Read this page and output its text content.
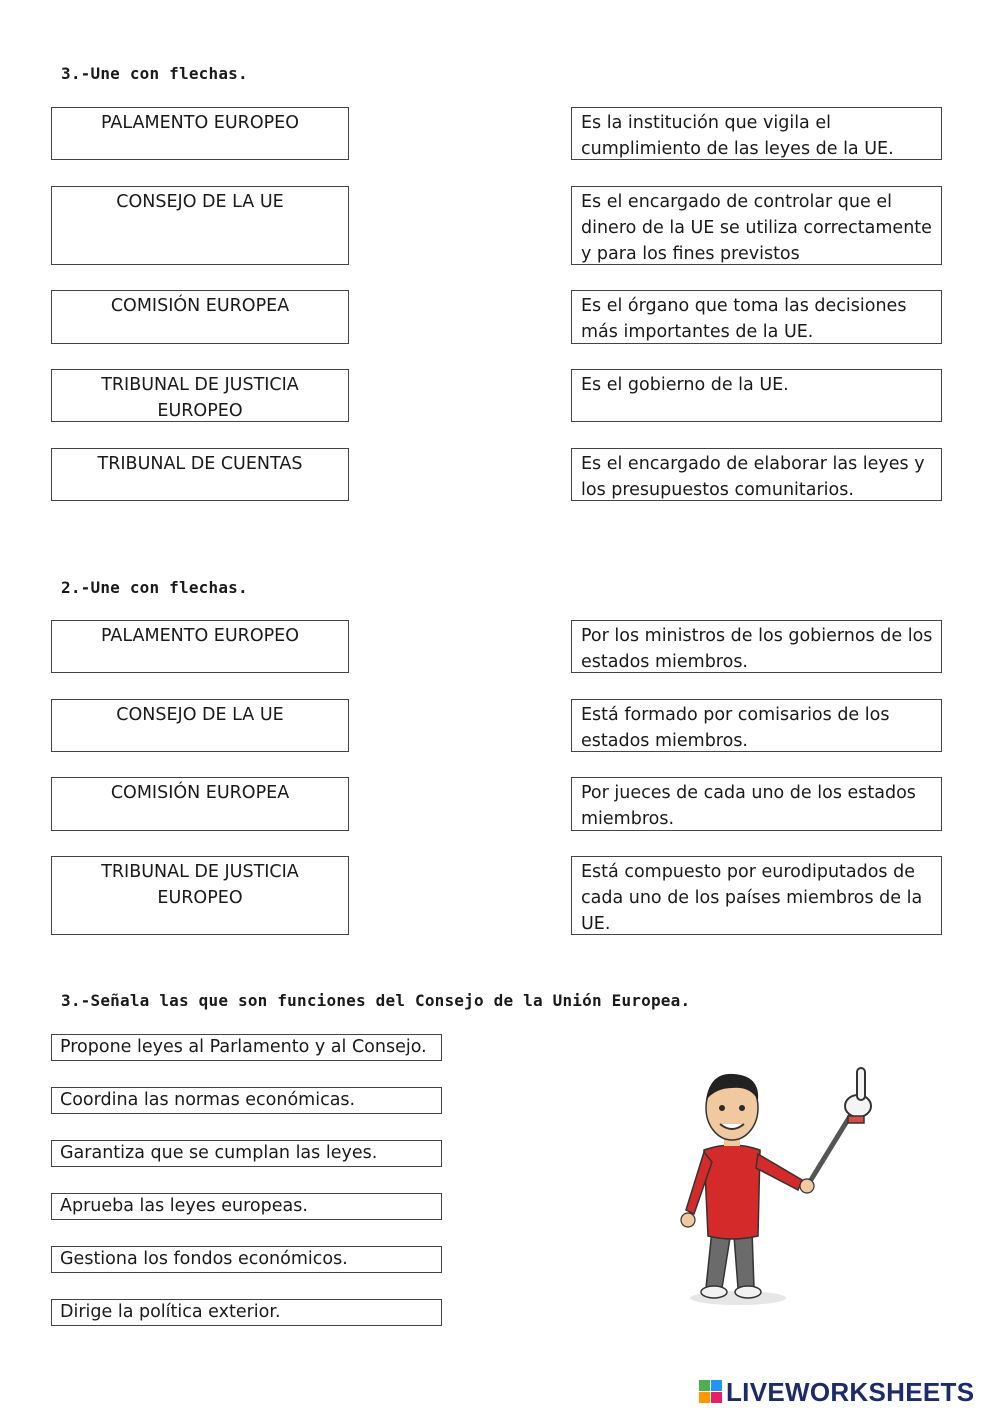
3.-Une con flechas.
PALAMENTO EUROPEO
CONSEJO DE LA UE
COMISIÓN EUROPEA
TRIBUNAL DE JUSTICIA EUROPEO
TRIBUNAL DE CUENTAS
Es la institución que vigila el cumplimiento de las leyes de la UE.
Es el encargado de controlar que el dinero de la UE se utiliza correctamente y para los fines previstos
Es el órgano que toma las decisiones más importantes de la UE.
Es el gobierno de la UE.
Es el encargado de elaborar las leyes y los presupuestos comunitarios.
2.-Une con flechas.
PALAMENTO EUROPEO
CONSEJO DE LA UE
COMISIÓN EUROPEA
TRIBUNAL DE JUSTICIA EUROPEO
Por los ministros de los gobiernos de los estados miembros.
Está formado por comisarios de los estados miembros.
Por jueces de cada uno de los estados miembros.
Está compuesto por eurodiputados de cada uno de los países miembros de la UE.
3.-Señala las que son funciones del Consejo de la Unión Europea.
Propone leyes al Parlamento y al Consejo.
Coordina las normas económicas.
Garantiza que se cumplan las leyes.
Aprueba las leyes europeas.
Gestiona los fondos económicos.
Dirige la política exterior.
LIVEWORKSHEETS
